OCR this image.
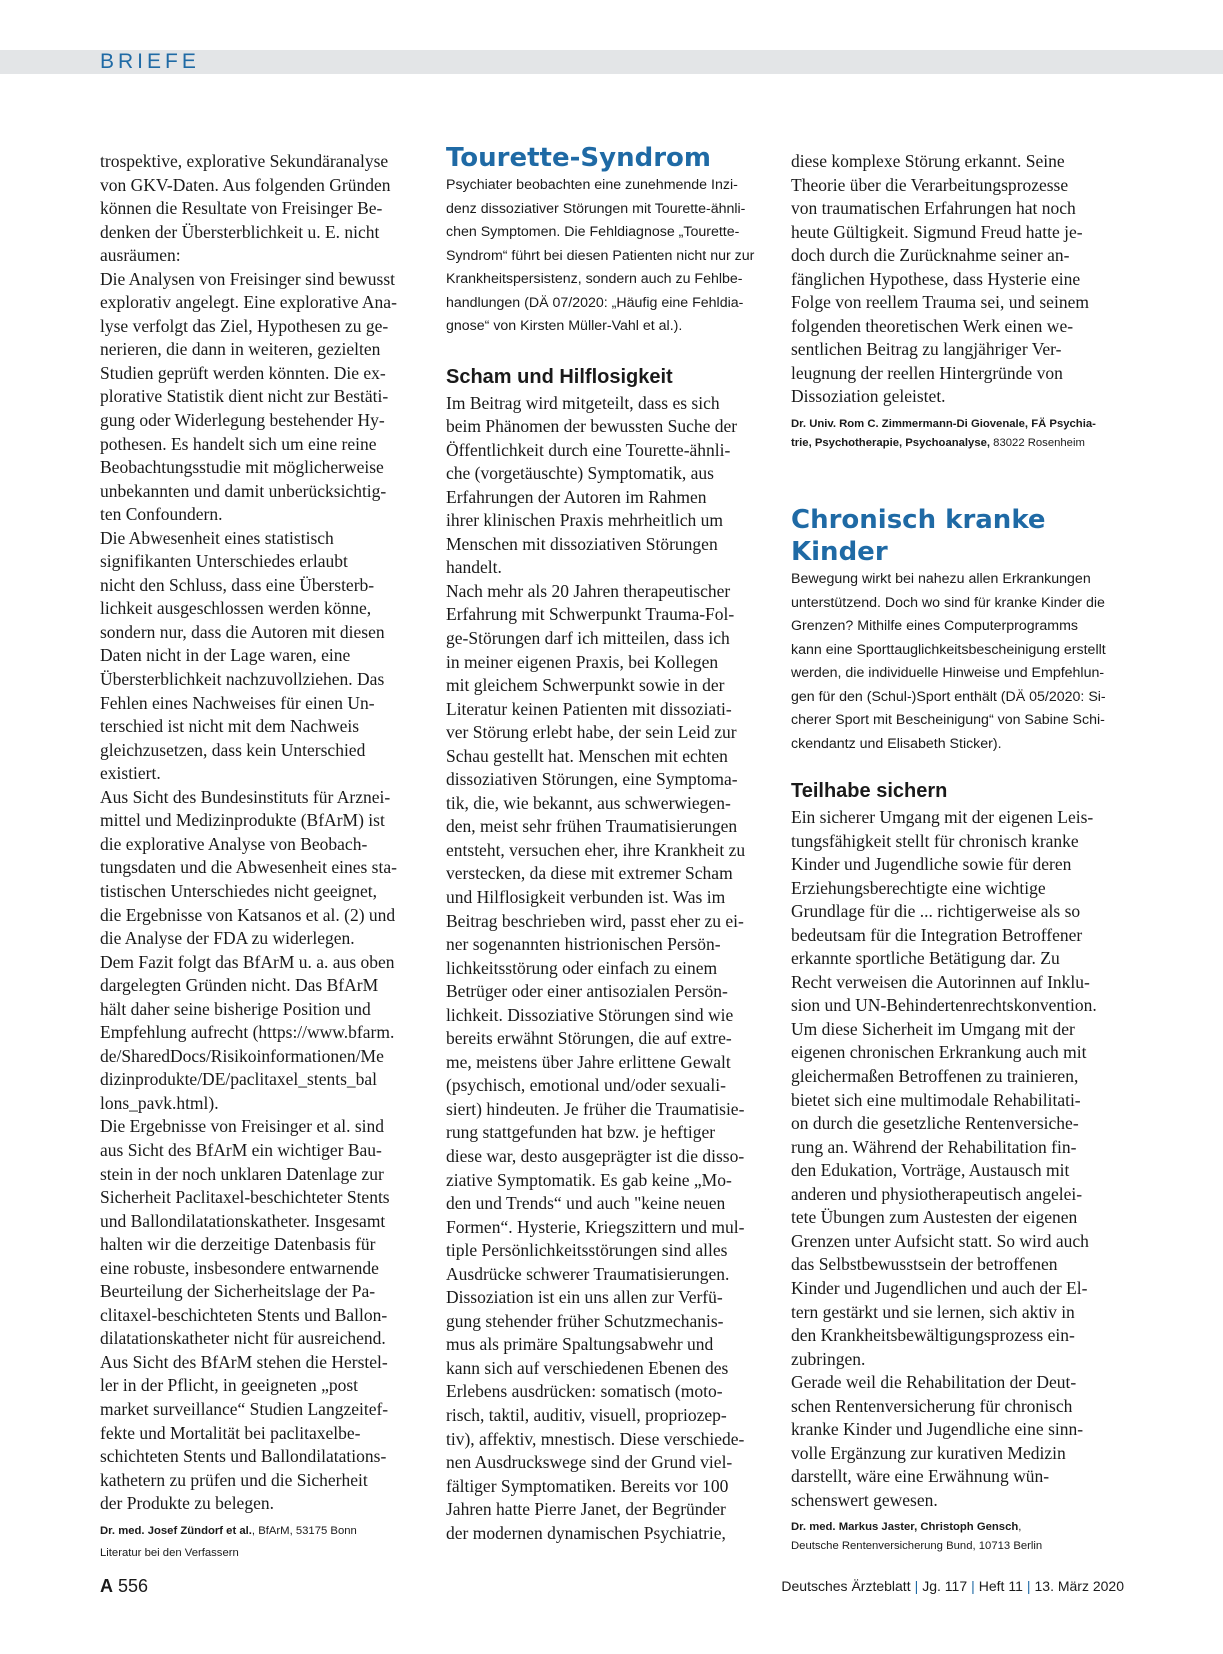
BRIEFE

trospektive, explorative Sekundäranalyse
von GKV-Daten. Aus folgenden Gründen
können die Resultate von Freisinger Be-
denken der Übersterblichkeit u. E. nicht
ausräumen:
Die Analysen von Freisinger sind bewusst
explorativ angelegt. Eine explorative Ana-
lyse verfolgt das Ziel, Hypothesen zu ge-
nerieren, die dann in weiteren, gezielten
Studien geprüft werden könnten. Die ex-
plorative Statistik dient nicht zur Bestäti-
gung oder Widerlegung bestehender Hy-
pothesen. Es handelt sich um eine reine
Beobachtungsstudie mit möglicherweise
unbekannten und damit unberücksichtig-
ten Confoundern.
Die Abwesenheit eines statistisch
signifikanten Unterschiedes erlaubt
nicht den Schluss, dass eine Übersterb-
lichkeit ausgeschlossen werden könne,
sondern nur, dass die Autoren mit diesen
Daten nicht in der Lage waren, eine
Übersterblichkeit nachzuvollziehen. Das
Fehlen eines Nachweises für einen Un-
terschied ist nicht mit dem Nachweis
gleichzusetzen, dass kein Unterschied
existiert.
Aus Sicht des Bundesinstituts für Arznei-
mittel und Medizinprodukte (BfArM) ist
die explorative Analyse von Beobach-
tungsdaten und die Abwesenheit eines sta-
tistischen Unterschiedes nicht geeignet,
die Ergebnisse von Katsanos et al. (2) und
die Analyse der FDA zu widerlegen.
Dem Fazit folgt das BfArM u. a. aus oben
dargelegten Gründen nicht. Das BfArM
hält daher seine bisherige Position und
Empfehlung aufrecht (https://www.bfarm.
de/SharedDocs/Risikoinformationen/Me
dizinprodukte/DE/paclitaxel_stents_bal
lons_pavk.html).
Die Ergebnisse von Freisinger et al. sind
aus Sicht des BfArM ein wichtiger Bau-
stein in der noch unklaren Datenlage zur
Sicherheit Paclitaxel-beschichteter Stents
und Ballondilatationskatheter. Insgesamt
halten wir die derzeitige Datenbasis für
eine robuste, insbesondere entwarnende
Beurteilung der Sicherheitslage der Pa-
clitaxel-beschichteten Stents und Ballon-
dilatationskatheter nicht für ausreichend.
Aus Sicht des BfArM stehen die Herstel-
ler in der Pflicht, in geeigneten „post
market surveillance“ Studien Langzeitef-
fekte und Mortalität bei paclitaxelbe-
schichteten Stents und Ballondilatations-
kathetern zu prüfen und die Sicherheit
der Produkte zu belegen.

Dr. med. Josef Zündorf et al., BfArM, 53175 Bonn

Literatur bei den Verfassern

Tourette-Syndrom

Psychiater beobachten eine zunehmende Inzi-
denz dissoziativer Störungen mit Tourette-ähnli-
chen Symptomen. Die Fehldiagnose „Tourette-
Syndrom“ führt bei diesen Patienten nicht nur zur
Krankheitspersistenz, sondern auch zu Fehlbe-
handlungen (DÄ 07/2020: „Häufig eine Fehldia-
gnose“ von Kirsten Müller-Vahl et al.).

Scham und Hilflosigkeit

Im Beitrag wird mitgeteilt, dass es sich
beim Phänomen der bewussten Suche der
Öffentlichkeit durch eine Tourette-ähnli-
che (vorgetäuschte) Symptomatik, aus
Erfahrungen der Autoren im Rahmen
ihrer klinischen Praxis mehrheitlich um
Menschen mit dissoziativen Störungen
handelt.
Nach mehr als 20 Jahren therapeutischer
Erfahrung mit Schwerpunkt Trauma-Fol-
ge-Störungen darf ich mitteilen, dass ich
in meiner eigenen Praxis, bei Kollegen
mit gleichem Schwerpunkt sowie in der
Literatur keinen Patienten mit dissoziati-
ver Störung erlebt habe, der sein Leid zur
Schau gestellt hat. Menschen mit echten
dissoziativen Störungen, eine Symptoma-
tik, die, wie bekannt, aus schwerwiegen-
den, meist sehr frühen Traumatisierungen
entsteht, versuchen eher, ihre Krankheit zu
verstecken, da diese mit extremer Scham
und Hilflosigkeit verbunden ist. Was im
Beitrag beschrieben wird, passt eher zu ei-
ner sogenannten histrionischen Persön-
lichkeitsstörung oder einfach zu einem
Betrüger oder einer antisozialen Persön-
lichkeit. Dissoziative Störungen sind wie
bereits erwähnt Störungen, die auf extre-
me, meistens über Jahre erlittene Gewalt
(psychisch, emotional und/oder sexuali-
siert) hindeuten. Je früher die Traumatisie-
rung stattgefunden hat bzw. je heftiger
diese war, desto ausgeprägter ist die disso-
ziative Symptomatik. Es gab keine „Mo-
den und Trends“ und auch "keine neuen
Formen“. Hysterie, Kriegszittern und mul-
tiple Persönlichkeitsstörungen sind alles
Ausdrücke schwerer Traumatisierungen.
Dissoziation ist ein uns allen zur Verfü-
gung stehender früher Schutzmechanis-
mus als primäre Spaltungsabwehr und
kann sich auf verschiedenen Ebenen des
Erlebens ausdrücken: somatisch (moto-
risch, taktil, auditiv, visuell, propriozep-
tiv), affektiv, mnestisch. Diese verschiede-
nen Ausdruckswege sind der Grund viel-
fältiger Symptomatiken. Bereits vor 100
Jahren hatte Pierre Janet, der Begründer
der modernen dynamischen Psychiatrie,

diese komplexe Störung erkannt. Seine
Theorie über die Verarbeitungsprozesse
von traumatischen Erfahrungen hat noch
heute Gültigkeit. Sigmund Freud hatte je-
doch durch die Zurücknahme seiner an-
fänglichen Hypothese, dass Hysterie eine
Folge von reellem Trauma sei, und seinem
folgenden theoretischen Werk einen we-
sentlichen Beitrag zu langjähriger Ver-
leugnung der reellen Hintergründe von
Dissoziation geleistet.

Dr. Univ. Rom C. Zimmermann-Di Giovenale, FÄ Psychia-
trie, Psychotherapie, Psychoanalyse, 83022 Rosenheim

Chronisch kranke Kinder

Bewegung wirkt bei nahezu allen Erkrankungen
unterstützend. Doch wo sind für kranke Kinder die
Grenzen? Mithilfe eines Computerprogramms
kann eine Sporttauglichkeitsbescheinigung erstellt
werden, die individuelle Hinweise und Empfehlun-
gen für den (Schul-)Sport enthält (DÄ 05/2020: Si-
cherer Sport mit Bescheinigung“ von Sabine Schi-
ckendantz und Elisabeth Sticker).

Teilhabe sichern

Ein sicherer Umgang mit der eigenen Leis-
tungsfähigkeit stellt für chronisch kranke
Kinder und Jugendliche sowie für deren
Erziehungsberechtigte eine wichtige
Grundlage für die ... richtigerweise als so
bedeutsam für die Integration Betroffener
erkannte sportliche Betätigung dar. Zu
Recht verweisen die Autorinnen auf Inklu-
sion und UN-Behindertenrechtskonvention.
Um diese Sicherheit im Umgang mit der
eigenen chronischen Erkrankung auch mit
gleichermaßen Betroffenen zu trainieren,
bietet sich eine multimodale Rehabilitati-
on durch die gesetzliche Rentenversiche-
rung an. Während der Rehabilitation fin-
den Edukation, Vorträge, Austausch mit
anderen und physiotherapeutisch angelei-
tete Übungen zum Austesten der eigenen
Grenzen unter Aufsicht statt. So wird auch
das Selbstbewusstsein der betroffenen
Kinder und Jugendlichen und auch der El-
tern gestärkt und sie lernen, sich aktiv in
den Krankheitsbewältigungsprozess ein-
zubringen.
Gerade weil die Rehabilitation der Deut-
schen Rentenversicherung für chronisch
kranke Kinder und Jugendliche eine sinn-
volle Ergänzung zur kurativen Medizin
darstellt, wäre eine Erwähnung wün-
schenswert gewesen.

Dr. med. Markus Jaster, Christoph Gensch,
Deutsche Rentenversicherung Bund, 10713 Berlin

A 556	Deutsches Ärzteblatt | Jg. 117 | Heft 11 | 13. März 2020
